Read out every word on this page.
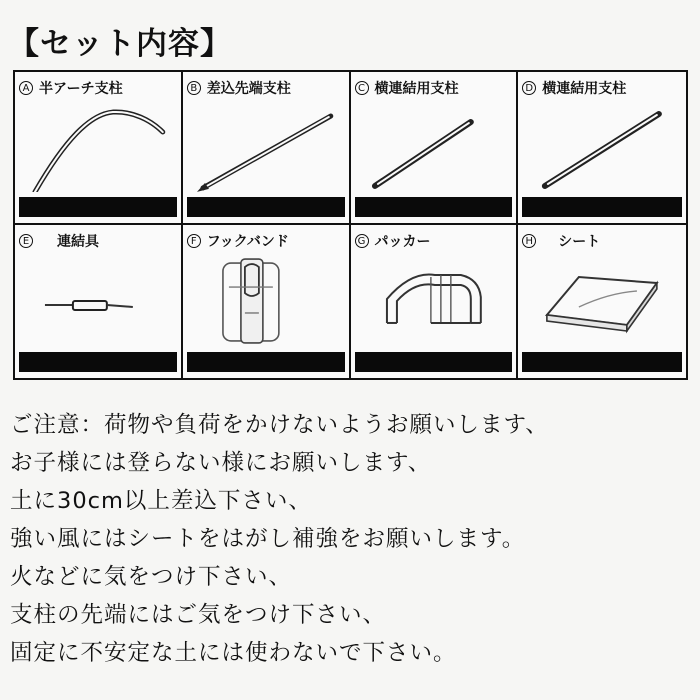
【セット内容】
A 半アーチ支柱	B 差込先端支柱	C 横連結用支柱	D 横連結用支柱
E 連結具	F フックバンド	G パッカー	H シート
ご注意：荷物や負荷をかけないようお願いします、
お子様には登らない様にお願いします、
土に30cm以上差込下さい、
強い風にはシートをはがし補強をお願いします。
火などに気をつけ下さい、
支柱の先端にはご気をつけ下さい、
固定に不安定な土には使わないで下さい。
